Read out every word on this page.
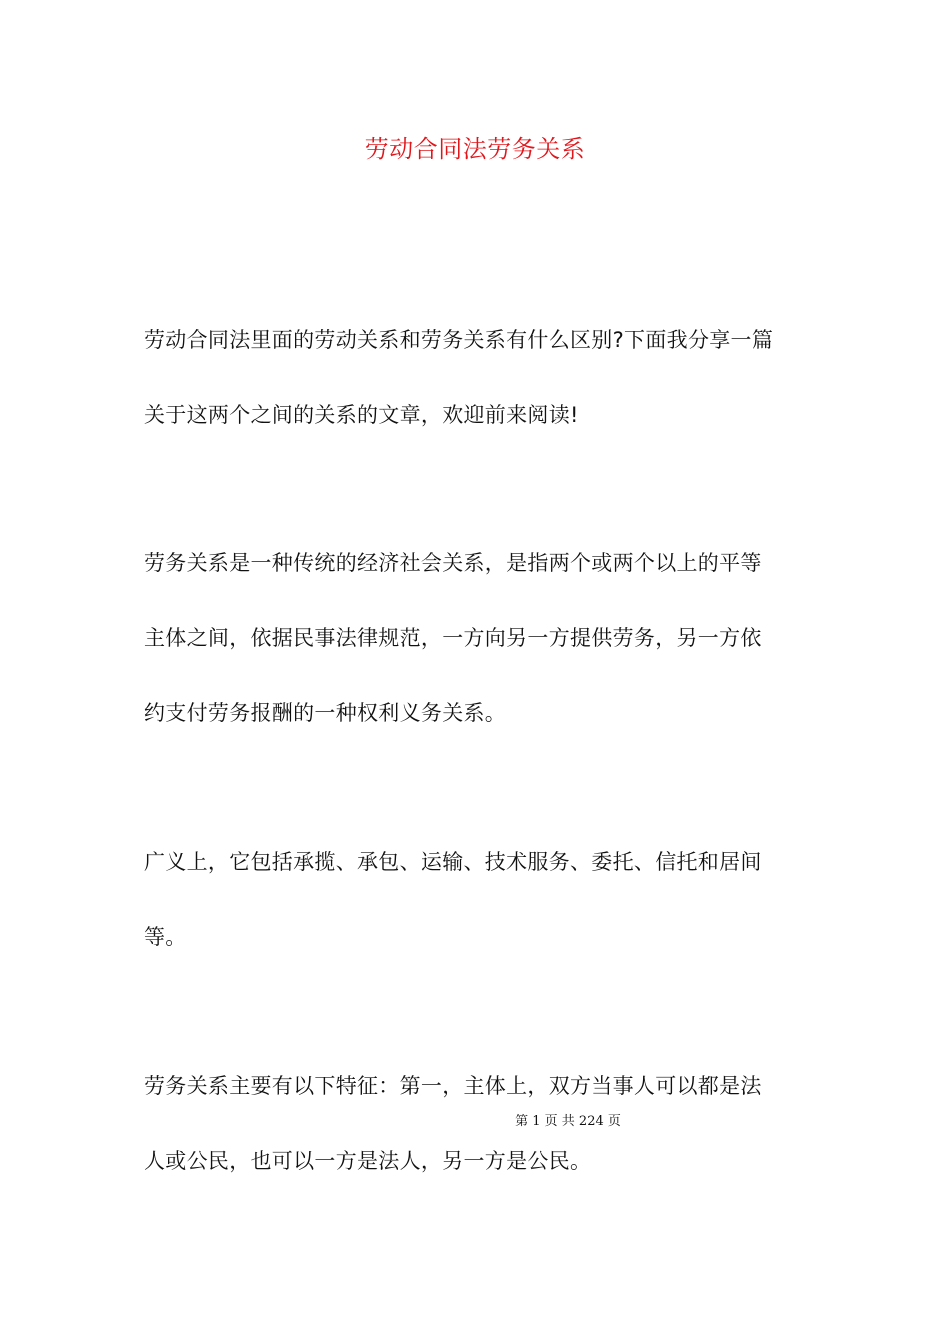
劳动合同法劳务关系
劳动合同法里面的劳动关系和劳务关系有什么区别?下面我分享一篇
关于这两个之间的关系的文章，欢迎前来阅读!
劳务关系是一种传统的经济社会关系，是指两个或两个以上的平等
主体之间，依据民事法律规范，一方向另一方提供劳务，另一方依
约支付劳务报酬的一种权利义务关系。
广义上，它包括承揽、承包、运输、技术服务、委托、信托和居间
等。
劳务关系主要有以下特征：第一，主体上，双方当事人可以都是法
第 1 页 共 224 页
人或公民，也可以一方是法人，另一方是公民。
